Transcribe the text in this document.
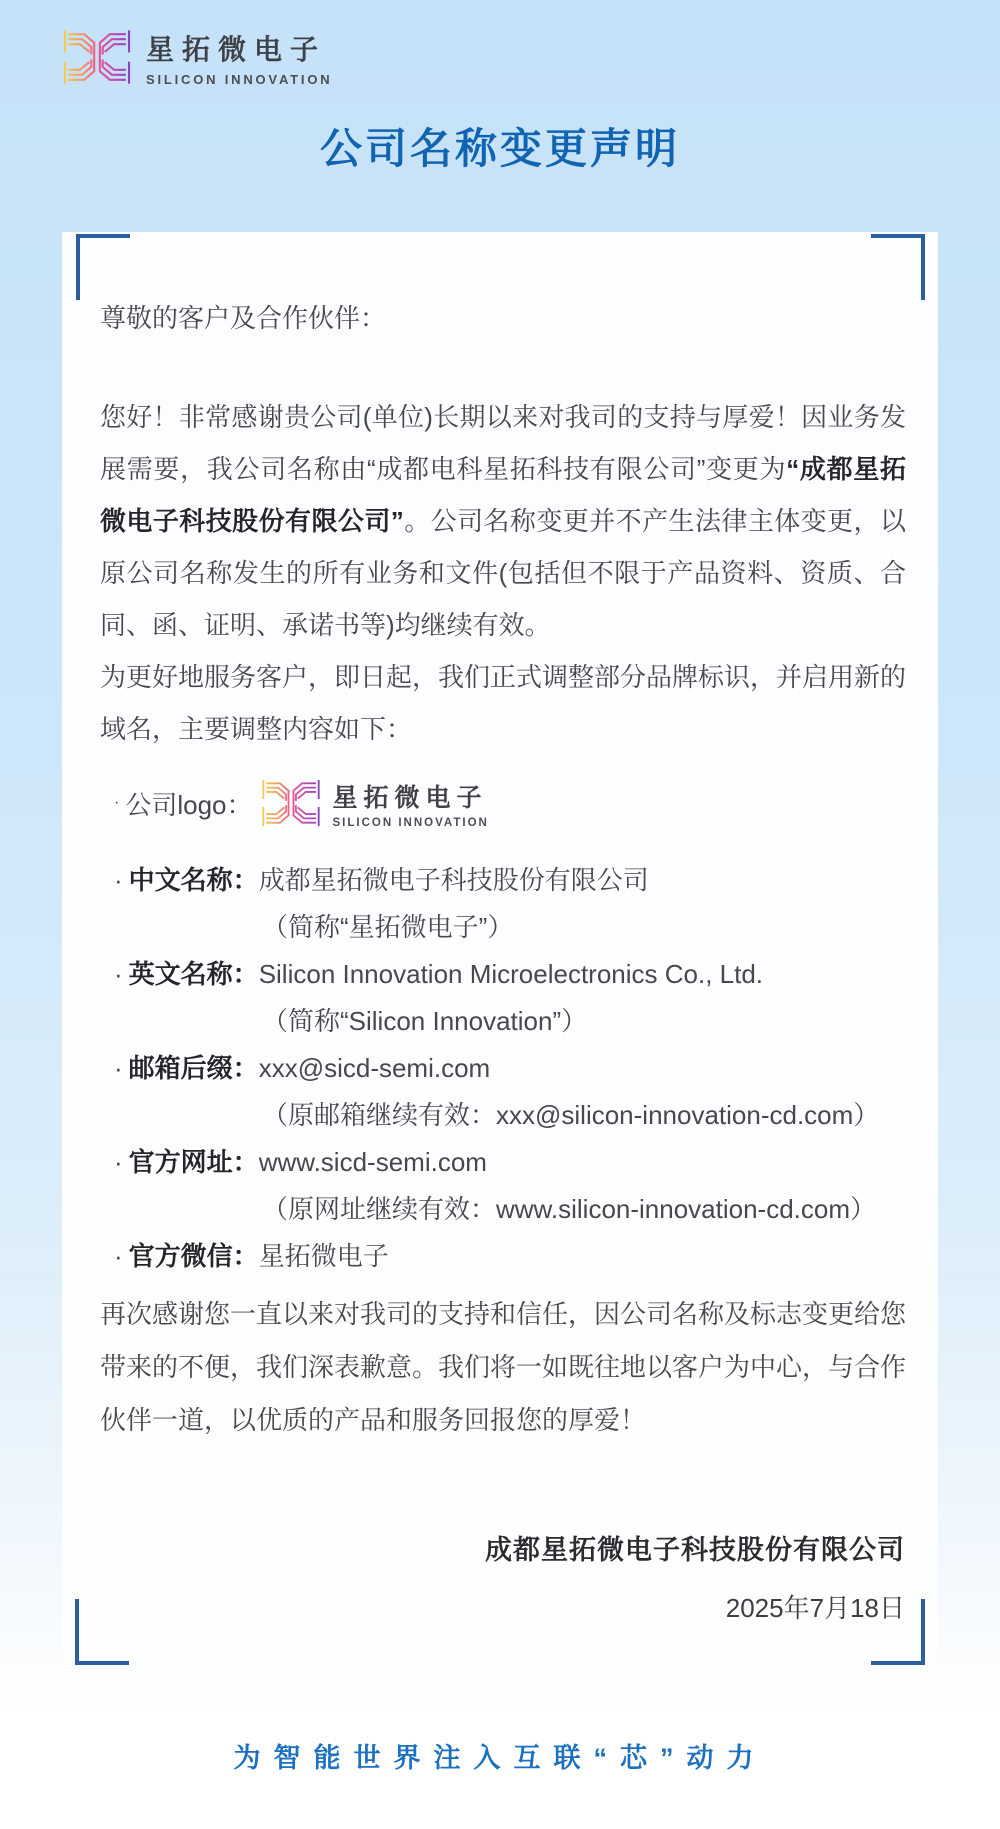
星拓微电子
SILICON INNOVATION
公司名称变更声明

尊敬的客户及合作伙伴：

您好！非常感谢贵公司(单位)长期以来对我司的支持与厚爱！因业务发展需要，我公司名称由“成都电科星拓科技有限公司”变更为“成都星拓微电子科技股份有限公司”。公司名称变更并不产生法律主体变更，以原公司名称发生的所有业务和文件(包括但不限于产品资料、资质、合同、函、证明、承诺书等)均继续有效。

为更好地服务客户，即日起，我们正式调整部分品牌标识，并启用新的域名，主要调整内容如下：

· 公司logo：	星拓微电子
SILICON INNOVATION
· 中文名称：成都星拓微电子科技股份有限公司
（简称“星拓微电子”）
· 英文名称：Silicon Innovation Microelectronics Co., Ltd.
（简称“Silicon Innovation”）
· 邮箱后缀：xxx@sicd-semi.com
（原邮箱继续有效：xxx@silicon-innovation-cd.com）
· 官方网址：www.sicd-semi.com
（原网址继续有效：www.silicon-innovation-cd.com）
· 官方微信：星拓微电子

再次感谢您一直以来对我司的支持和信任，因公司名称及标志变更给您带来的不便，我们深表歉意。我们将一如既往地以客户为中心，与合作伙伴一道，以优质的产品和服务回报您的厚爱！

成都星拓微电子科技股份有限公司
2025年7月18日
为智能世界注入互联“芯”动力
